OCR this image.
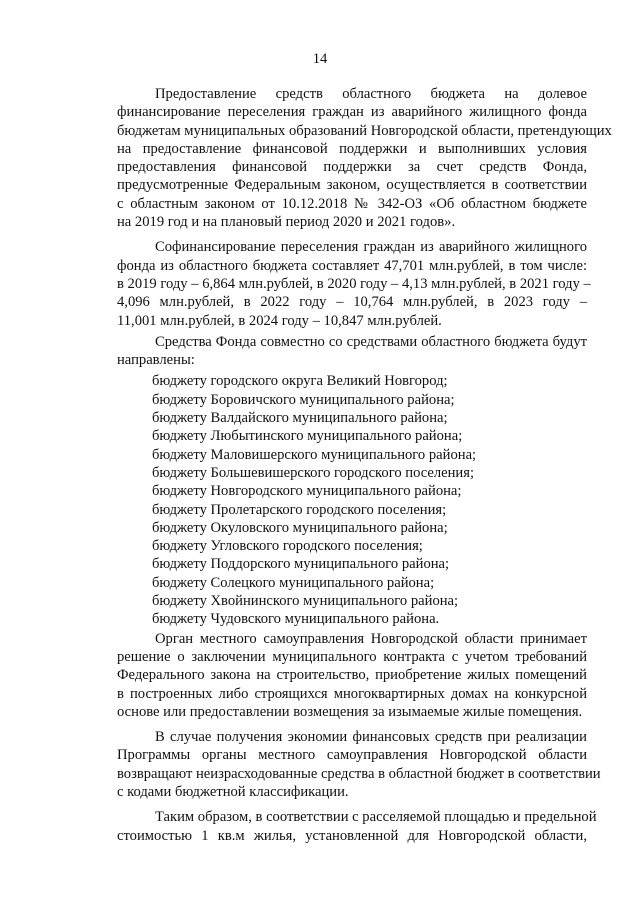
14
Предоставление средств областного бюджета на долевое
финансирование переселения граждан из аварийного жилищного фонда
бюджетам муниципальных образований Новгородской области, претендующих
на предоставление финансовой поддержки и выполнивших условия
предоставления финансовой поддержки за счет средств Фонда,
предусмотренные Федеральным законом, осуществляется в соответствии
с областным законом от 10.12.2018 № 342-ОЗ «Об областном бюджете
на 2019 год и на плановый период 2020 и 2021 годов».
Софинансирование переселения граждан из аварийного жилищного
фонда из областного бюджета составляет 47,701 млн.рублей, в том числе:
в 2019 году – 6,864 млн.рублей, в 2020 году – 4,13 млн.рублей, в 2021 году –
4,096 млн.рублей, в 2022 году – 10,764 млн.рублей, в 2023 году –
11,001 млн.рублей, в 2024 году – 10,847 млн.рублей.
Средства Фонда совместно со средствами областного бюджета будут
направлены:
бюджету городского округа Великий Новгород;
бюджету Боровичского муниципального района;
бюджету Валдайского муниципального района;
бюджету Любытинского муниципального района;
бюджету Маловишерского муниципального района;
бюджету Большевишерского городского поселения;
бюджету Новгородского муниципального района;
бюджету Пролетарского городского поселения;
бюджету Окуловского муниципального района;
бюджету Угловского городского поселения;
бюджету Поддорского муниципального района;
бюджету Солецкого муниципального района;
бюджету Хвойнинского муниципального района;
бюджету Чудовского муниципального района.
Орган местного самоуправления Новгородской области принимает
решение о заключении муниципального контракта с учетом требований
Федерального закона на строительство, приобретение жилых помещений
в построенных либо строящихся многоквартирных домах на конкурсной
основе или предоставлении возмещения за изымаемые жилые помещения.
В случае получения экономии финансовых средств при реализации
Программы органы местного самоуправления Новгородской области
возвращают неизрасходованные средства в областной бюджет в соответствии
с кодами бюджетной классификации.
Таким образом, в соответствии с расселяемой площадью и предельной
стоимостью 1 кв.м жилья, установленной для Новгородской области,
